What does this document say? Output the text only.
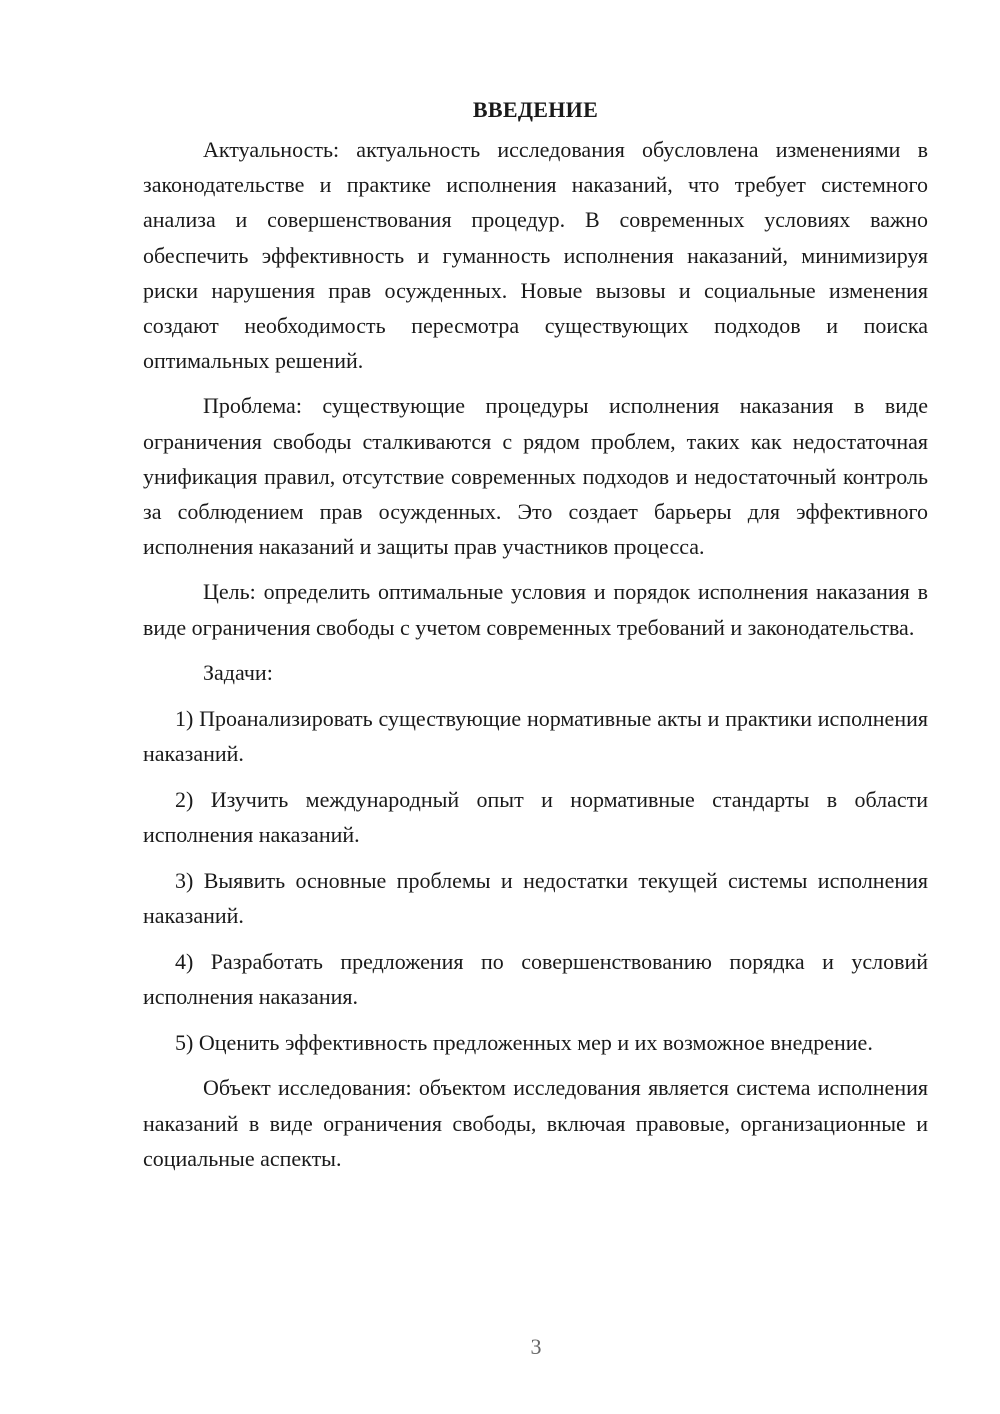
ВВЕДЕНИЕ

Актуальность: актуальность исследования обусловлена изменениями в законодательстве и практике исполнения наказаний, что требует системного анализа и совершенствования процедур. В современных условиях важно обеспечить эффективность и гуманность исполнения наказаний, минимизируя риски нарушения прав осужденных. Новые вызовы и социальные изменения создают необходимость пересмотра существующих подходов и поиска оптимальных решений.

Проблема: существующие процедуры исполнения наказания в виде ограничения свободы сталкиваются с рядом проблем, таких как недостаточная унификация правил, отсутствие современных подходов и недостаточный контроль за соблюдением прав осужденных. Это создает барьеры для эффективного исполнения наказаний и защиты прав участников процесса.

Цель: определить оптимальные условия и порядок исполнения наказания в виде ограничения свободы с учетом современных требований и законодательства.

Задачи:

1) Проанализировать существующие нормативные акты и практики исполнения наказаний.

2) Изучить международный опыт и нормативные стандарты в области исполнения наказаний.

3) Выявить основные проблемы и недостатки текущей системы исполнения наказаний.

4) Разработать предложения по совершенствованию порядка и условий исполнения наказания.

5) Оценить эффективность предложенных мер и их возможное внедрение.

Объект исследования: объектом исследования является система исполнения наказаний в виде ограничения свободы, включая правовые, организационные и социальные аспекты.

3
